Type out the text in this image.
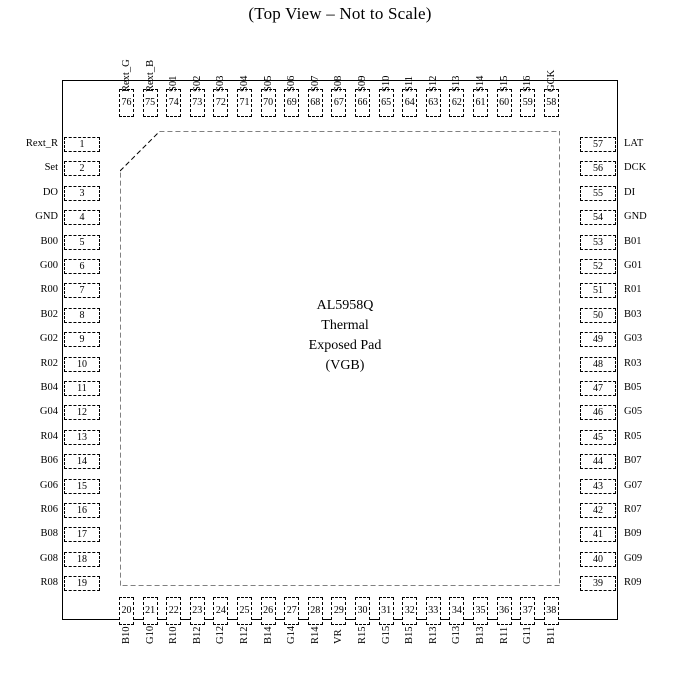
(Top View – Not to Scale)
AL5958Q
Thermal
Exposed Pad
(VGB)
1
Rext_R
2
Set
3
DO
4
GND
5
B00
6
G00
7
R00
8
B02
9
G02
10
R02
11
B04
12
G04
13
R04
14
B06
15
G06
16
R06
17
B08
18
G08
19
R08
57	LAT
56	DCK
55	DI
54	GND
53	B01
52	G01
51	R01
50	B03
49	G03
48	R03
47	B05
46	G05
45	R05
44	B07
43	G07
42	R07
41	B09
40	G09
39	R09
20
B10
21
G10
22
R10
23
B12
24
G12
25
R12
26
B14
27
G14
28
R14
29
VR
30
R15
31
G15
32
B15
33
R13
34
G13
35
B13
36
R11
37
G11
38
B11
76
Rext_G
75
Rext_B
74
S01
73
S02
72
S03
71
S04
70
S05
69
S06
68
S07
67
S08
66
S09
65
S10
64
S11
63
S12
62
S13
61
S14
60
S15
59
S16
58
GCK
